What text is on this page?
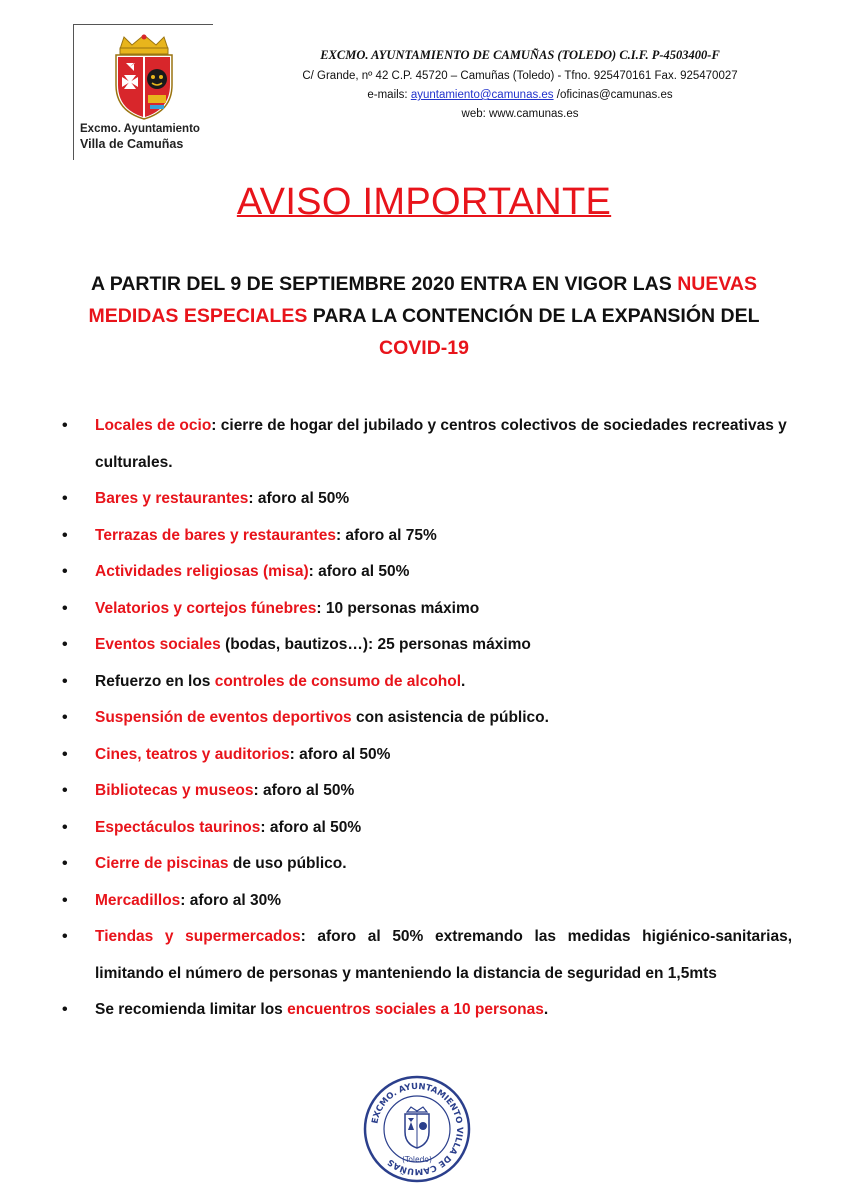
Excmo. Ayuntamiento
Villa de Camuñas
EXCMO. AYUNTAMIENTO DE CAMUÑAS (TOLEDO) C.I.F. P-4503400-F
C/ Grande, nº 42 C.P. 45720 – Camuñas (Toledo) - Tfno. 925470161 Fax. 925470027
e-mails: ayuntamiento@camunas.es /oficinas@camunas.es
web: www.camunas.es
AVISO IMPORTANTE
A PARTIR DEL 9 DE SEPTIEMBRE 2020 ENTRA EN VIGOR LAS NUEVAS MEDIDAS ESPECIALES PARA LA CONTENCIÓN DE LA EXPANSIÓN DEL COVID-19
• Locales de ocio: cierre de hogar del jubilado y centros colectivos de sociedades recreativas y culturales.
• Bares y restaurantes: aforo al 50%
• Terrazas de bares y restaurantes: aforo al 75%
• Actividades religiosas (misa): aforo al 50%
• Velatorios y cortejos fúnebres: 10 personas máximo
• Eventos sociales (bodas, bautizos…): 25 personas máximo
• Refuerzo en los controles de consumo de alcohol.
• Suspensión de eventos deportivos con asistencia de público.
• Cines, teatros y auditorios: aforo al 50%
• Bibliotecas y museos: aforo al 50%
• Espectáculos taurinos: aforo al 50%
• Cierre de piscinas de uso público.
• Mercadillos: aforo al 30%
• Tiendas y supermercados: aforo al 50% extremando las medidas higiénico-sanitarias, limitando el número de personas y manteniendo la distancia de seguridad en 1,5mts
• Se recomienda limitar los encuentros sociales a 10 personas.
EXCMO. AYUNTAMIENTO VILLA DE CAMUÑAS (Toledo)
